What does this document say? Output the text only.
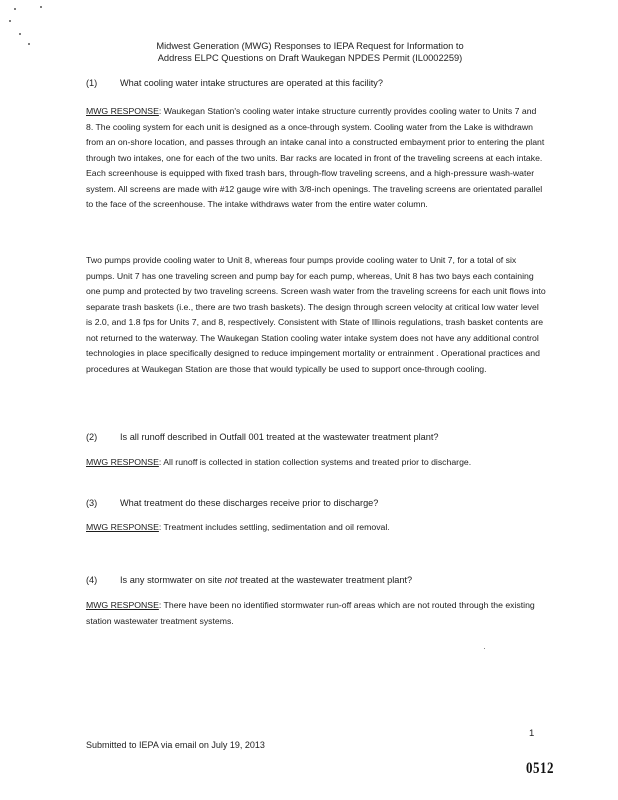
Midwest Generation (MWG) Responses to IEPA Request for Information to
Address ELPC Questions on Draft Waukegan NPDES Permit (IL0002259)
(1) What cooling water intake structures are operated at this facility?
MWG RESPONSE: Waukegan Station's cooling water intake structure currently provides cooling water to Units 7 and 8. The cooling system for each unit is designed as a once-through system. Cooling water from the Lake is withdrawn from an on-shore location, and passes through an intake canal into a constructed embayment prior to entering the plant through two intakes, one for each of the two units. Bar racks are located in front of the traveling screens at each intake. Each screenhouse is equipped with fixed trash bars, through-flow traveling screens, and a high-pressure wash-water system. All screens are made with #12 gauge wire with 3/8-inch openings. The traveling screens are orientated parallel to the face of the screenhouse. The intake withdraws water from the entire water column.
Two pumps provide cooling water to Unit 8, whereas four pumps provide cooling water to Unit 7, for a total of six pumps. Unit 7 has one traveling screen and pump bay for each pump, whereas, Unit 8 has two bays each containing one pump and protected by two traveling screens. Screen wash water from the traveling screens for each unit flows into separate trash baskets (i.e., there are two trash baskets). The design through screen velocity at critical low water level is 2.0, and 1.8 fps for Units 7, and 8, respectively. Consistent with State of Illinois regulations, trash basket contents are not returned to the waterway. The Waukegan Station cooling water intake system does not have any additional control technologies in place specifically designed to reduce impingement mortality or entrainment . Operational practices and procedures at Waukegan Station are those that would typically be used to support once-through cooling.
(2) Is all runoff described in Outfall 001 treated at the wastewater treatment plant?
MWG RESPONSE: All runoff is collected in station collection systems and treated prior to discharge.
(3) What treatment do these discharges receive prior to discharge?
MWG RESPONSE: Treatment includes settling, sedimentation and oil removal.
(4) Is any stormwater on site not treated at the wastewater treatment plant?
MWG RESPONSE: There have been no identified stormwater run-off areas which are not routed through the existing station wastewater treatment systems.
1
Submitted to IEPA via email on July 19, 2013
0512
